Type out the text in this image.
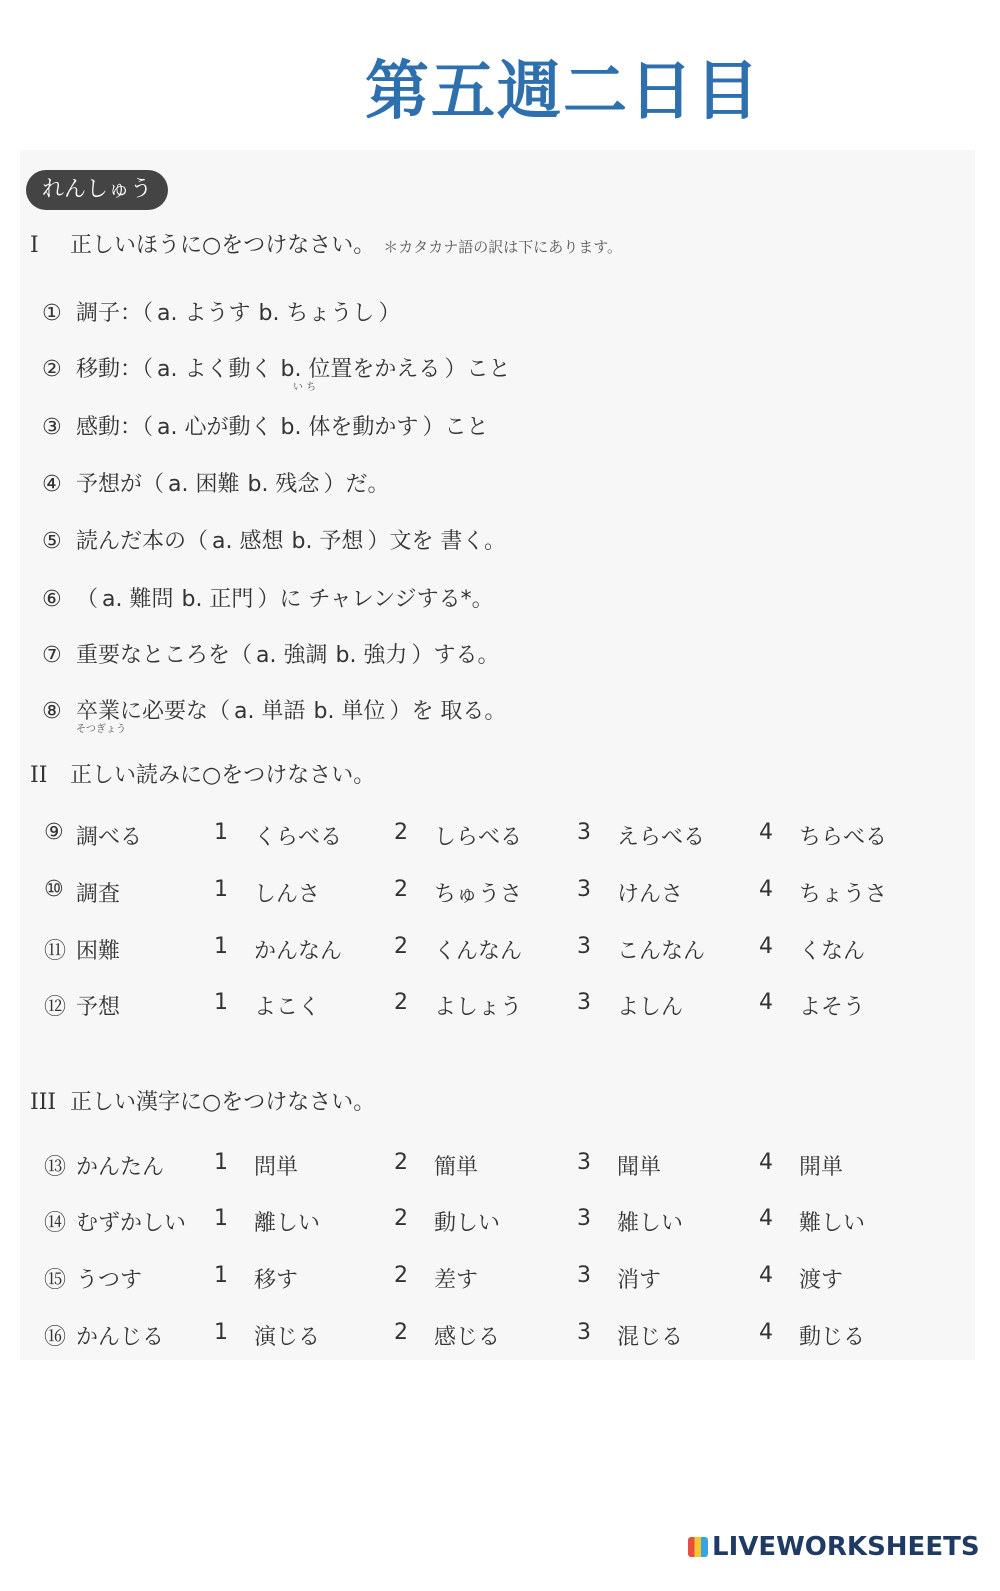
第五週二日目
れんしゅう
I 正しいほうに○をつけなさい。 ＊カタカナ語の訳は下にあります。
① 調子：（ a. ようす b. ちょうし ）
② 移動：（ a. よく動く b. 位置をかえる
い ち
）こと
③ 感動：（ a. 心が動く b. 体を動かす ）こと
④ 予想が（ a. 困難 b. 残念 ）だ。
⑤ 読んだ本の（ a. 感想 b. 予想 ）文を 書く。
⑥ （ a. 難問 b. 正門 ）に チャレンジする*。
⑦ 重要なところを（ a. 強調 b. 強力 ）する。
⑧ 卒業に必要な（
そつぎょう
a. 単語 b. 単位 ）を 取る。
II 正しい読みに○をつけなさい。
⑨ 調べる	1 くらべる 2 しらべる 3 えらべる 4 ちらべる
⑩ 調査	1 しんさ	2 ちゅうさ 3 けんさ	4 ちょうさ
⑪ 困難	1 かんなん 2 くんなん 3 こんなん 4 くなん
⑫ 予想	1 よこく	2 よしょう 3 よしん	4 よそう
III 正しい漢字に○をつけなさい。
⑬ かんたん 1 問単	2 簡単	3 聞単	4 開単
⑭ むずかしい 1 離しい	2 動しい	3 雑しい	4 難しい
⑮ うつす	1 移す	2 差す	3 消す	4 渡す
⑯ かんじる 1 演じる	2 感じる	3 混じる	4 動じる
LIVEWORKSHEETS
